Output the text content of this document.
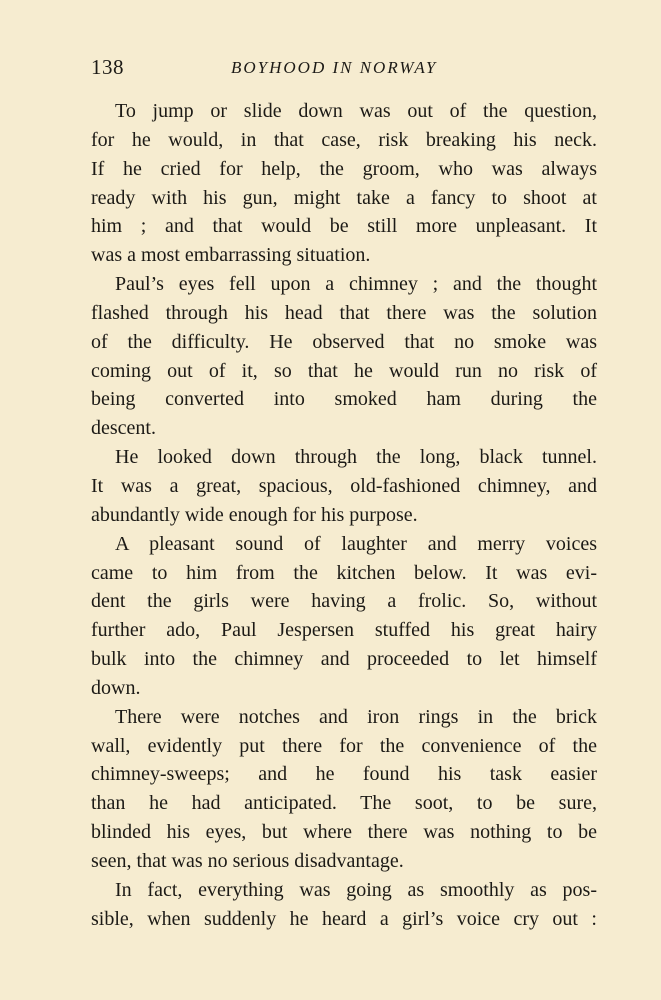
138	BOYHOOD IN NORWAY
To jump or slide down was out of the question,
for he would, in that case, risk breaking his neck.
If he cried for help, the groom, who was always
ready with his gun, might take a fancy to shoot at
him ; and that would be still more unpleasant. It
was a most embarrassing situation.
Paul’s eyes fell upon a chimney ; and the thought
flashed through his head that there was the solution
of the difficulty. He observed that no smoke was
coming out of it, so that he would run no risk of
being converted into smoked ham during the
descent.
He looked down through the long, black tunnel.
It was a great, spacious, old-fashioned chimney, and
abundantly wide enough for his purpose.
A pleasant sound of laughter and merry voices
came to him from the kitchen below. It was evi-
dent the girls were having a frolic. So, without
further ado, Paul Jespersen stuffed his great hairy
bulk into the chimney and proceeded to let himself
down.
There were notches and iron rings in the brick
wall, evidently put there for the convenience of the
chimney-sweeps; and he found his task easier
than he had anticipated. The soot, to be sure,
blinded his eyes, but where there was nothing to be
seen, that was no serious disadvantage.
In fact, everything was going as smoothly as pos-
sible, when suddenly he heard a girl’s voice cry out :
